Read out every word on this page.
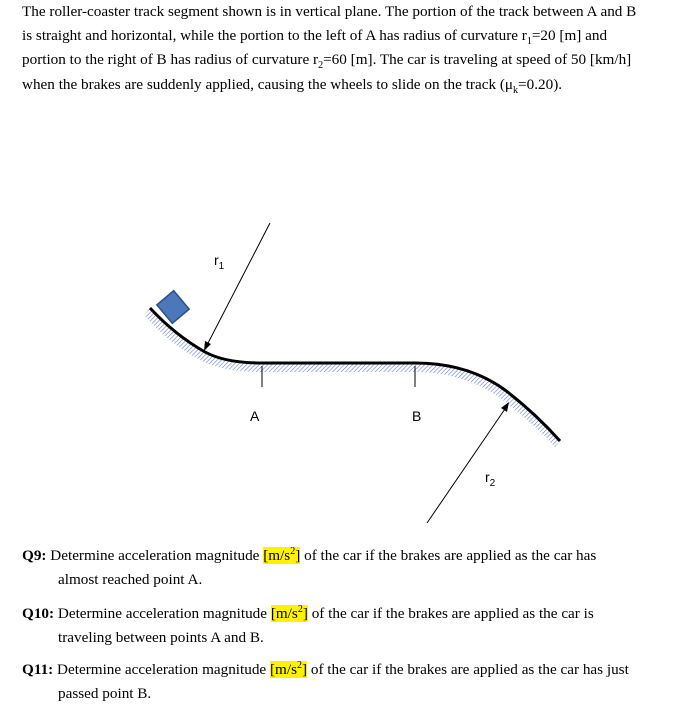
The roller-coaster track segment shown is in vertical plane. The portion of the track between A and B
is straight and horizontal, while the portion to the left of A has radius of curvature $r_1=20$ [m] and
portion to the right of B has radius of curvature $r_2=60$ [m]. The car is traveling at speed of 50 [km/h]
when the brakes are suddenly applied, causing the wheels to slide on the track $(\mu_k=0.20)$.
$r_1$
$r_2$
A	B
Q9: Determine acceleration magnitude $[m/s^2]$ of the car if the brakes are applied as the car has
almost reached point A.
Q10: Determine acceleration magnitude $[m/s^2]$ of the car if the brakes are applied as the car is
traveling between points A and B.
Q11: Determine acceleration magnitude $[m/s^2]$ of the car if the brakes are applied as the car has just
passed point B.
